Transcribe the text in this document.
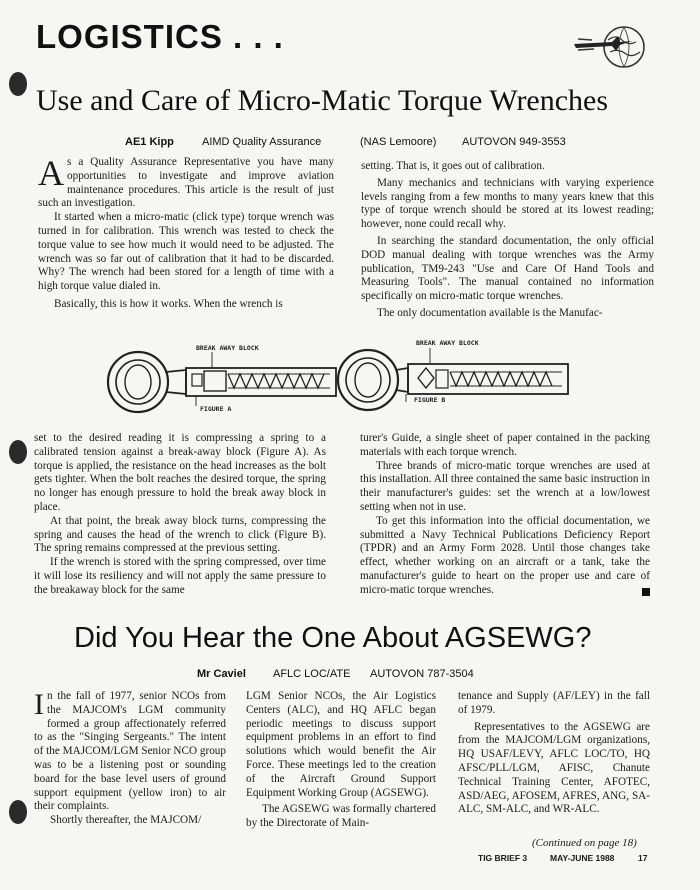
LOGISTICS . . .
Use and Care of Micro-Matic Torque Wrenches
AE1 Kipp	AIMD Quality Assurance	(NAS Lemoore) AUTOVON 949-3553

As a Quality Assurance Representative you have many opportunities to investigate and improve aviation maintenance procedures. This article is the result of just such an investigation.

It started when a micro-matic (click type) torque wrench was turned in for calibration. This wrench was tested to check the torque value to see how much it would need to be adjusted. The wrench was so far out of calibration that it had to be discarded. Why? The wrench had been stored for a length of time with a high torque value dialed in.

Basically, this is how it works. When the wrench is

setting. That is, it goes out of calibration.

Many mechanics and technicians with varying experience levels ranging from a few months to many years knew that this type of torque wrench should be stored at its lowest reading; however, none could recall why.

In searching the standard documentation, the only official DOD manual dealing with torque wrenches was the Army publication, TM9-243 "Use and Care Of Hand Tools and Measuring Tools". The manual contained no information specifically on micro-matic torque wrenches.

The only documentation available is the Manufac-

BREAK AWAY BLOCK
FIGURE A
BREAK AWAY BLOCK
FIGURE B

set to the desired reading it is compressing a spring to a calibrated tension against a break-away block (Figure A). As torque is applied, the resistance on the head increases as the bolt gets tighter. When the bolt reaches the desired torque, the spring no longer has enough pressure to hold the break away block in place.

At that point, the break away block turns, compressing the spring and causes the head of the wrench to click (Figure B). The spring remains compressed at the previous setting.

If the wrench is stored with the spring compressed, over time it will lose its resiliency and will not apply the same pressure to the breakaway block for the same

turer's Guide, a single sheet of paper contained in the packing materials with each torque wrench.

Three brands of micro-matic torque wrenches are used at this installation. All three contained the same basic instruction in their manufacturer's guides: set the wrench at a low/lowest setting when not in use.

To get this information into the official documentation, we submitted a Navy Technical Publications Deficiency Report (TPDR) and an Army Form 2028. Until those changes take effect, whether working on an aircraft or a tank, take the manufacturer's guide to heart on the proper use and care of micro-matic torque wrenches.

Did You Hear the One About AGSEWG?
Mr Caviel AFLC LOC/ATE AUTOVON 787-3504

In the fall of 1977, senior NCOs from the MAJCOM's LGM community formed a group affectionately referred to as the "Singing Sergeants." The intent of the MAJCOM/LGM Senior NCO group was to be a listening post or sounding board for the base level users of ground support equipment (yellow iron) to air their complaints.

Shortly thereafter, the MAJCOM/

LGM Senior NCOs, the Air Logistics Centers (ALC), and HQ AFLC began periodic meetings to discuss support equipment problems in an effort to find solutions which would benefit the Air Force. These meetings led to the creation of the Aircraft Ground Support Equipment Working Group (AGSEWG).

The AGSEWG was formally chartered by the Directorate of Main-

tenance and Supply (AF/LEY) in the fall of 1979.

Representatives to the AGSEWG are from the MAJCOM/LGM organizations, HQ USAF/LEVY, AFLC LOC/TO, HQ AFSC/PLL/LGM, AFISC, Chanute Technical Training Center, AFOTEC, ASD/AEG, AFOSEM, AFRES, ANG, SA-ALC, SM-ALC, and WR-ALC.

(Continued on page 18)
TIG BRIEF 3	MAY-JUNE 1988	17
